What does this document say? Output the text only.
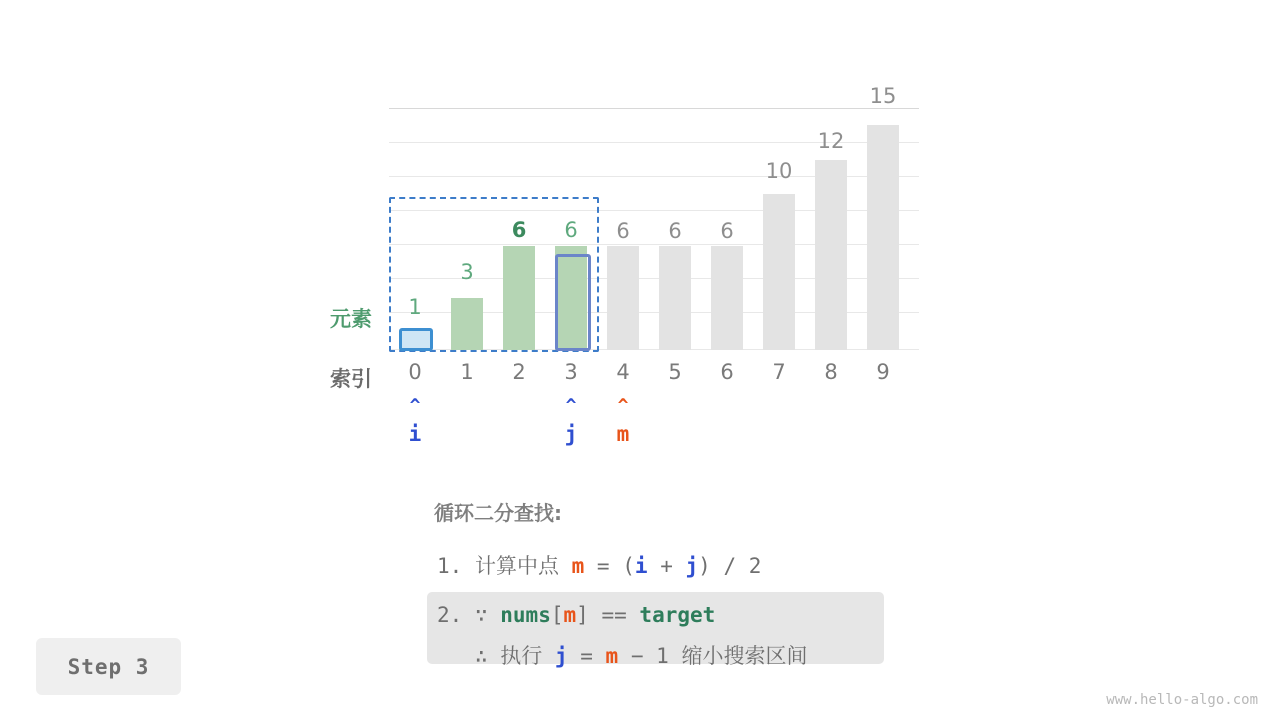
1
3
6	6	6	6	6
10
12
15
元素
索引	0	1	2	3	4	5	6	7	8	9
^	^	^
i	j	m
循环二分查找:
1. 计算中点 m = (i + j) / 2
2. ∵ nums[m] == target
∴ 执行 j = m − 1 缩小搜索区间
Step 3
www.hello-algo.com
